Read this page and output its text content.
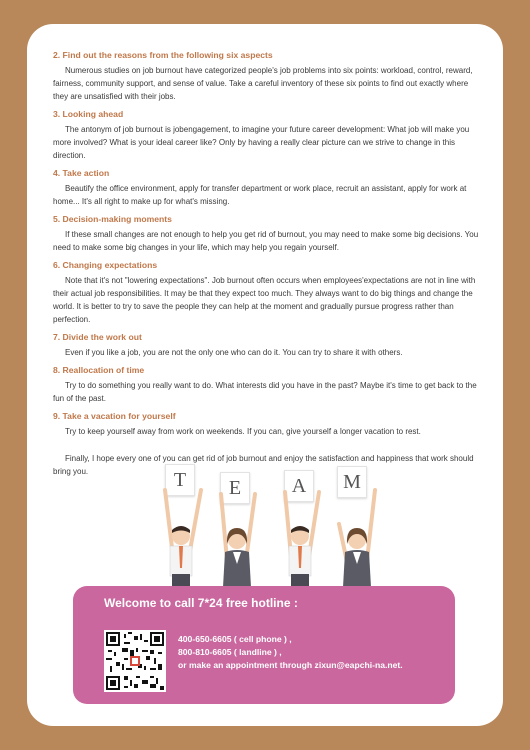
2. Find out the reasons from the following six aspects
Numerous studies on job burnout have categorized people's job problems into six points: workload, control, reward, fairness, community support, and sense of value. Take a careful inventory of these six points to find out exactly where they are unsatisfied with their jobs.
3. Looking ahead
The antonym of job burnout is jobengagement, to imagine your future career development: What job will make you more involved? What is your ideal career like? Only by having a really clear picture can we strive to change in this direction.
4. Take action
Beautify the office environment, apply for transfer department or work place, recruit an assistant, apply for work at home... It's all right to make up for what's missing.
5. Decision-making moments
If these small changes are not enough to help you get rid of burnout, you may need to make some big decisions. You need to make some big changes in your life, which may help you regain yourself.
6. Changing expectations
Note that it's not "lowering expectations". Job burnout often occurs when employees'expectations are not in line with their actual job responsibilities. It may be that they expect too much. They always want to do big things and change the world. It is better to try to save the people they can help at the moment and gradually pursue progress rather than perfection.
7. Divide the work out
Even if you like a job, you are not the only one who can do it. You can try to share it with others.
8. Reallocation of time
Try to do something you really want to do. What interests did you have in the past? Maybe it's time to get back to the fun of the past.
9. Take a vacation for yourself
Try to keep yourself away from work on weekends. If you can, give yourself a longer vacation to rest.
Finally, I hope every one of you can get rid of job burnout and enjoy the satisfaction and happiness that work should bring you.	T	E	A	M
Welcome to call 7*24 free hotline :
400-650-6605 ( cell phone ) ,
800-810-6605 ( landline ) ,
or make an appointment through zixun@eapchi-na.net.
